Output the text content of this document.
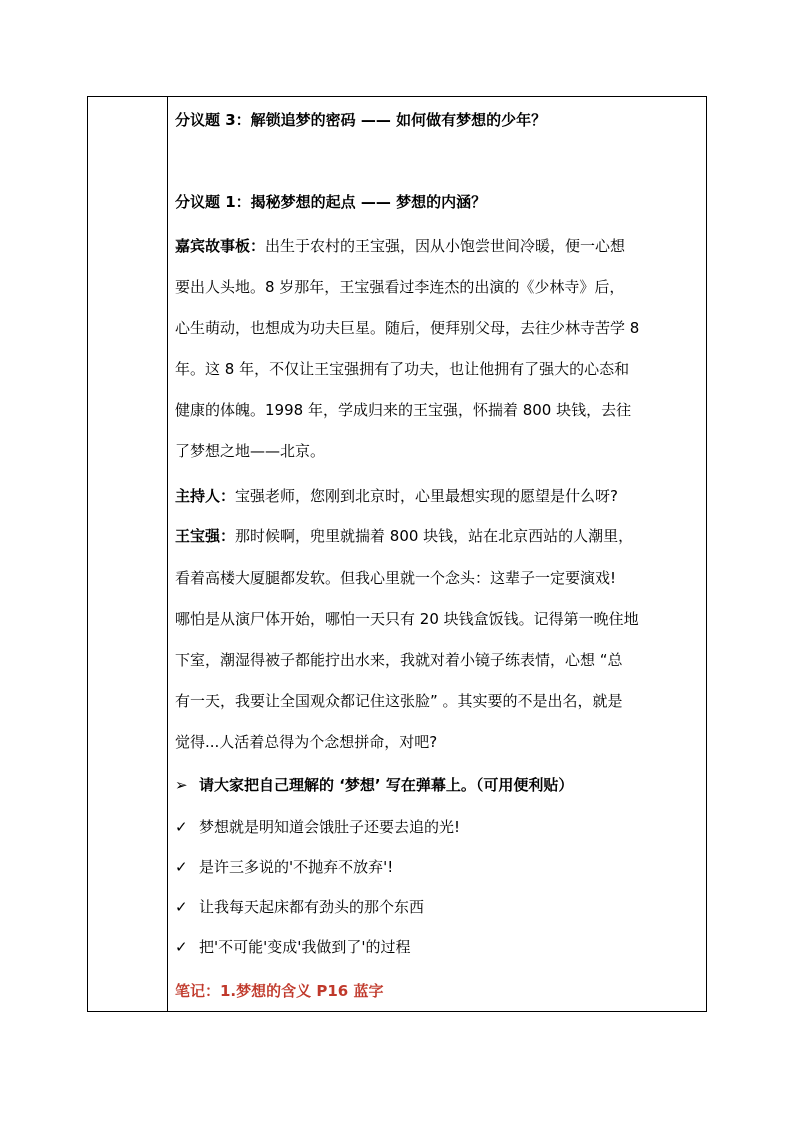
分议题 3：解锁追梦的密码 —— 如何做有梦想的少年？
分议题 1：揭秘梦想的起点 —— 梦想的内涵？
嘉宾故事板：出生于农村的王宝强，因从小饱尝世间冷暖，便一心想
要出人头地。8 岁那年，王宝强看过李连杰的出演的《少林寺》后，
心生萌动，也想成为功夫巨星。随后，便拜别父母，去往少林寺苦学 8
年。这 8 年，不仅让王宝强拥有了功夫，也让他拥有了强大的心态和
健康的体魄。1998 年，学成归来的王宝强，怀揣着 800 块钱，去往
了梦想之地——北京。
主持人：宝强老师，您刚到北京时，心里最想实现的愿望是什么呀?
王宝强：那时候啊，兜里就揣着 800 块钱，站在北京西站的人潮里，
看着高楼大厦腿都发软。但我心里就一个念头：这辈子一定要演戏!
哪怕是从演尸体开始，哪怕一天只有 20 块钱盒饭钱。记得第一晚住地
下室，潮湿得被子都能拧出水来，我就对着小镜子练表情，心想 “总
有一天，我要让全国观众都记住这张脸” 。其实要的不是出名，就是
觉得...人活着总得为个念想拼命，对吧?
➢ 请大家把自己理解的 ‘梦想’ 写在弹幕上。（可用便利贴）
✓ 梦想就是明知道会饿肚子还要去追的光!
✓ 是许三多说的'不抛弃不放弃'!
✓ 让我每天起床都有劲头的那个东西
✓ 把'不可能'变成'我做到了'的过程
笔记：1.梦想的含义 P16 蓝字
